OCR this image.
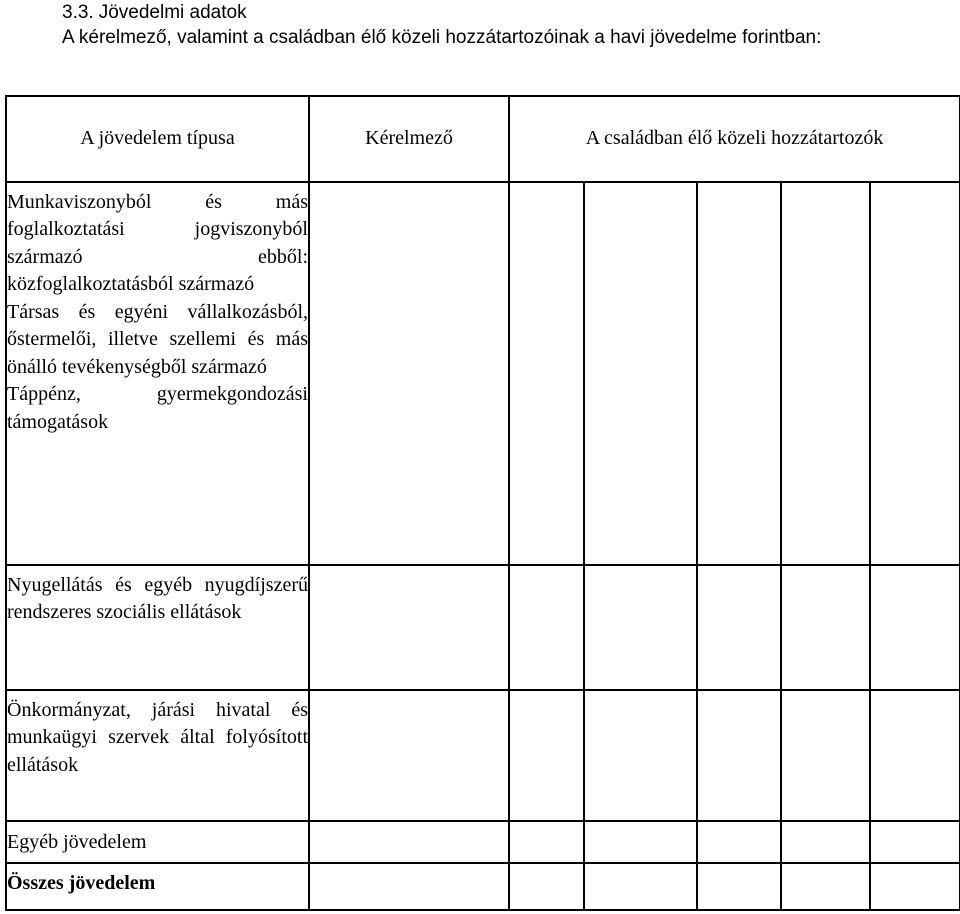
3.3. Jövedelmi adatok
A kérelmező, valamint a családban élő közeli hozzátartozóinak a havi jövedelme forintban:
A jövedelem típusa	Kérelmező	A családban élő közeli hozzátartozók				

Munkaviszonyból és más foglalkoztatási jogviszonyból származó ebből: közfoglalkoztatásból származó
Társas és egyéni vállalkozásból, őstermelői, illetve szellemi és más önálló tevékenységből származó
Táppénz, gyermekgondozási támogatások						

Nyugellátás és egyéb nyugdíjszerű rendszeres szociális ellátások						
Önkormányzat, járási hivatal és munkaügyi szervek által folyósított ellátások						
Egyéb jövedelem						
Összes jövedelem						
